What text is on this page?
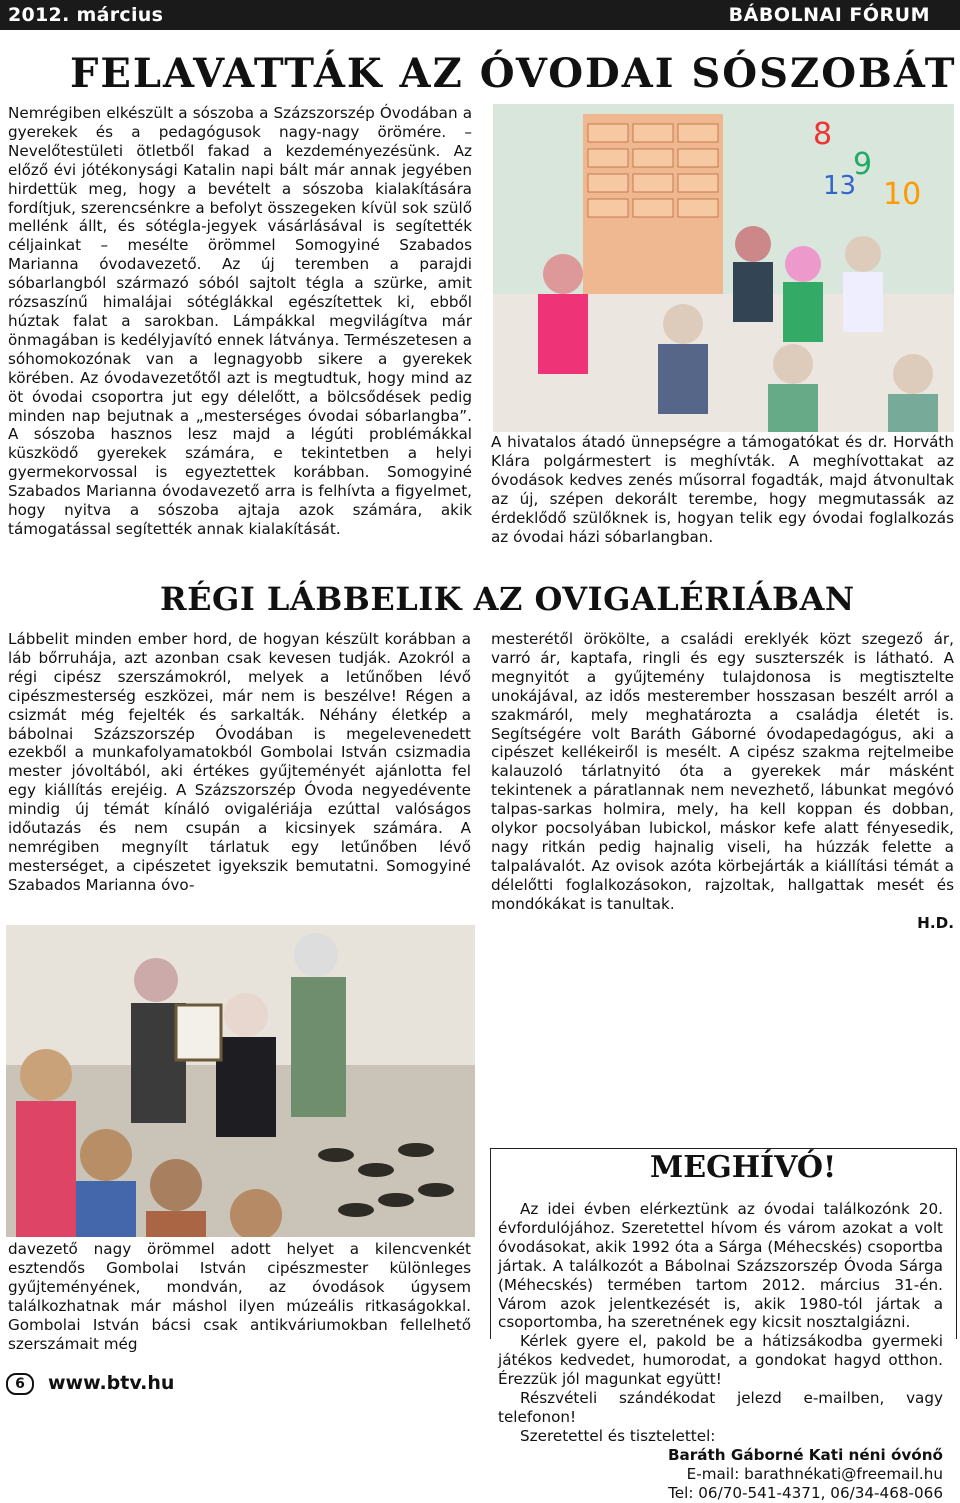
2012. március	BÁBOLNAI FÓRUM
FELAVATTÁK AZ ÓVODAI SÓSZOBÁT

Nemrégiben elkészült a sószoba a Százszorszép Óvodában a gyerekek és a pedagógusok nagy-nagy örömére. – Nevelőtestületi ötletből fakad a kezdeményezésünk. Az előző évi jótékonysági Katalin napi bált már annak jegyében hirdettük meg, hogy a bevételt a sószoba kialakítására fordítjuk, szerencsénkre a befolyt összegeken kívül sok szülő mellénk állt, és sótégla-jegyek vásárlásával is segítették céljainkat – mesélte örömmel Somogyiné Szabados Marianna óvodavezető. Az új teremben a parajdi sóbarlangból származó sóból sajtolt tégla a szürke, amit rózsaszínű himalájai sótéglákkal egészítettek ki, ebből húztak falat a sarokban. Lámpákkal megvilágítva már önmagában is kedélyjavító ennek látványa. Természetesen a sóhomokozónak van a legnagyobb sikere a gyerekek körében. Az óvodavezetőtől azt is megtudtuk, hogy mind az öt óvodai csoportra jut egy délelőtt, a bölcsődések pedig minden nap bejutnak a „mesterséges óvodai sóbarlangba”. A sószoba hasznos lesz majd a légúti problémákkal küszködő gyerekek számára, e tekintetben a helyi gyermekorvossal is egyeztettek korábban. Somogyiné Szabados Marianna óvodavezető arra is felhívta a figyelmet, hogy nyitva a sószoba ajtaja azok számára, akik támogatással segítették annak kialakítását.

8
9
10
13

A hivatalos átadó ünnepségre a támogatókat és dr. Horváth Klára polgármestert is meghívták. A meghívottakat az óvodások kedves zenés műsorral fogadták, majd átvonultak az új, szépen dekorált terembe, hogy megmutassák az érdeklődő szülőknek is, hogyan telik egy óvodai foglalkozás az óvodai házi sóbarlangban.

RÉGI LÁBBELIK AZ OVIGALÉRIÁBAN

Lábbelit minden ember hord, de hogyan készült korábban a láb bőrruhája, azt azonban csak kevesen tudják. Azokról a régi cipész szerszámokról, melyek a letűnőben lévő cipészmesterség eszközei, már nem is beszélve! Régen a csizmát még fejelték és sarkalták. Néhány életkép a bábolnai Százszorszép Óvodában is megelevenedett ezekből a munkafolyamatokból Gombolai István csizmadia mester jóvoltából, aki értékes gyűjteményét ajánlotta fel egy kiállítás erejéig. A Százszorszép Óvoda negyedévente mindig új témát kínáló ovigalériája ezúttal valóságos időutazás és nem csupán a kicsinyek számára. A nemrégiben megnyílt tárlatuk egy letűnőben lévő mesterséget, a cipészetet igyekszik bemutatni. Somogyiné Szabados Marianna óvo-

davezető nagy örömmel adott helyet a kilencvenkét esztendős Gombolai István cipészmester különleges gyűjteményének, mondván, az óvodások úgysem találkozhatnak már máshol ilyen múzeális ritkaságokkal. Gombolai István bácsi csak antikváriumokban fellelhető szerszámait még

mesterétől örökölte, a családi ereklyék közt szegező ár, varró ár, kaptafa, ringli és egy suszterszék is látható. A megnyitót a gyűjtemény tulajdonosa is megtisztelte unokájával, az idős mesterember hosszasan beszélt arról a szakmáról, mely meghatározta a családja életét is. Segítségére volt Baráth Gáborné óvodapedagógus, aki a cipészet kellékeiről is mesélt. A cipész szakma rejtelmeibe kalauzoló tárlatnyitó óta a gyerekek már másként tekintenek a páratlannak nem nevezhető, lábunkat megóvó talpas-sarkas holmira, mely, ha kell koppan és dobban, olykor pocsolyában lubickol, máskor kefe alatt fényesedik, nagy ritkán pedig hajnalig viseli, ha húzzák felette a talpalávalót. Az ovisok azóta körbejárták a kiállítási témát a délelőtti foglalkozásokon, rajzoltak, hallgattak mesét és mondókákat is tanultak.

H.D.

MEGHÍVÓ!

Az idei évben elérkeztünk az óvodai találkozónk 20. évfordulójához. Szeretettel hívom és várom azokat a volt óvodásokat, akik 1992 óta a Sárga (Méhecskés) csoportba jártak. A találkozót a Bábolnai Százszorszép Óvoda Sárga (Méhecskés) termében tartom 2012. március 31-én. Várom azok jelentkezését is, akik 1980-tól jártak a csoportomba, ha szeretnének egy kicsit nosztalgiázni.

Kérlek gyere el, pakold be a hátizsákodba gyermeki játékos kedvedet, humorodat, a gondokat hagyd otthon. Érezzük jól magunkat együtt!

Részvételi szándékodat jelezd e-mailben, vagy telefonon!

Szeretettel és tisztelettel:

Baráth Gáborné Kati néni óvónő

E-mail: barathnékati@freemail.hu

Tel: 06/70-541-4371, 06/34-468-066

6	www.btv.hu
